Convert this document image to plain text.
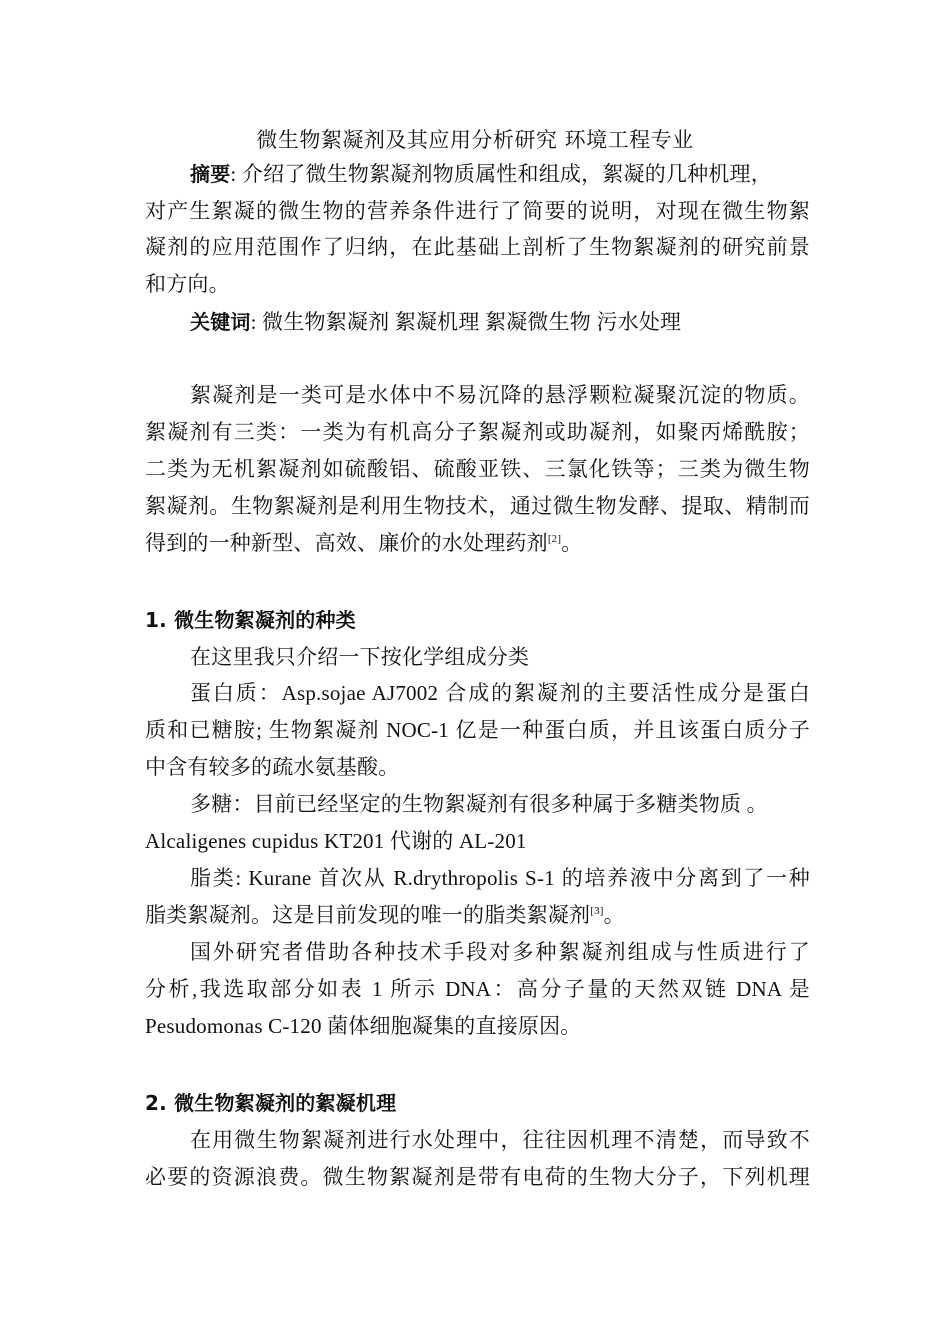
微生物絮凝剂及其应用分析研究 环境工程专业
摘要: 介绍了微生物絮凝剂物质属性和组成，絮凝的几种机理，
对产生絮凝的微生物的营养条件进行了简要的说明，对现在微生物絮
凝剂的应用范围作了归纳，在此基础上剖析了生物絮凝剂的研究前景
和方向。
关键词: 微生物絮凝剂 絮凝机理 絮凝微生物 污水处理
絮凝剂是一类可是水体中不易沉降的悬浮颗粒凝聚沉淀的物质。
絮凝剂有三类：一类为有机高分子絮凝剂或助凝剂，如聚丙烯酰胺；
二类为无机絮凝剂如硫酸铝、硫酸亚铁、三氯化铁等；三类为微生物
絮凝剂。生物絮凝剂是利用生物技术，通过微生物发酵、提取、精制而
得到的一种新型、高效、廉价的水处理药剂[2]。
1. 微生物絮凝剂的种类
在这里我只介绍一下按化学组成分类
蛋白质：Asp.sojae AJ7002 合成的絮凝剂的主要活性成分是蛋白
质和已糖胺; 生物絮凝剂 NOC-1 亿是一种蛋白质，并且该蛋白质分子
中含有较多的疏水氨基酸。
多糖：目前已经坚定的生物絮凝剂有很多种属于多糖类物质 。
Alcaligenes cupidus KT201 代谢的 AL-201
脂类: Kurane 首次从 R.drythropolis S-1 的培养液中分离到了一种
脂类絮凝剂。这是目前发现的唯一的脂类絮凝剂[3]。
国外研究者借助各种技术手段对多种絮凝剂组成与性质进行了
分析,我选取部分如表 1 所示 DNA：高分子量的天然双链 DNA 是
Pesudomonas C-120 菌体细胞凝集的直接原因。
2. 微生物絮凝剂的絮凝机理
在用微生物絮凝剂进行水处理中，往往因机理不清楚，而导致不
必要的资源浪费。微生物絮凝剂是带有电荷的生物大分子，下列机理
